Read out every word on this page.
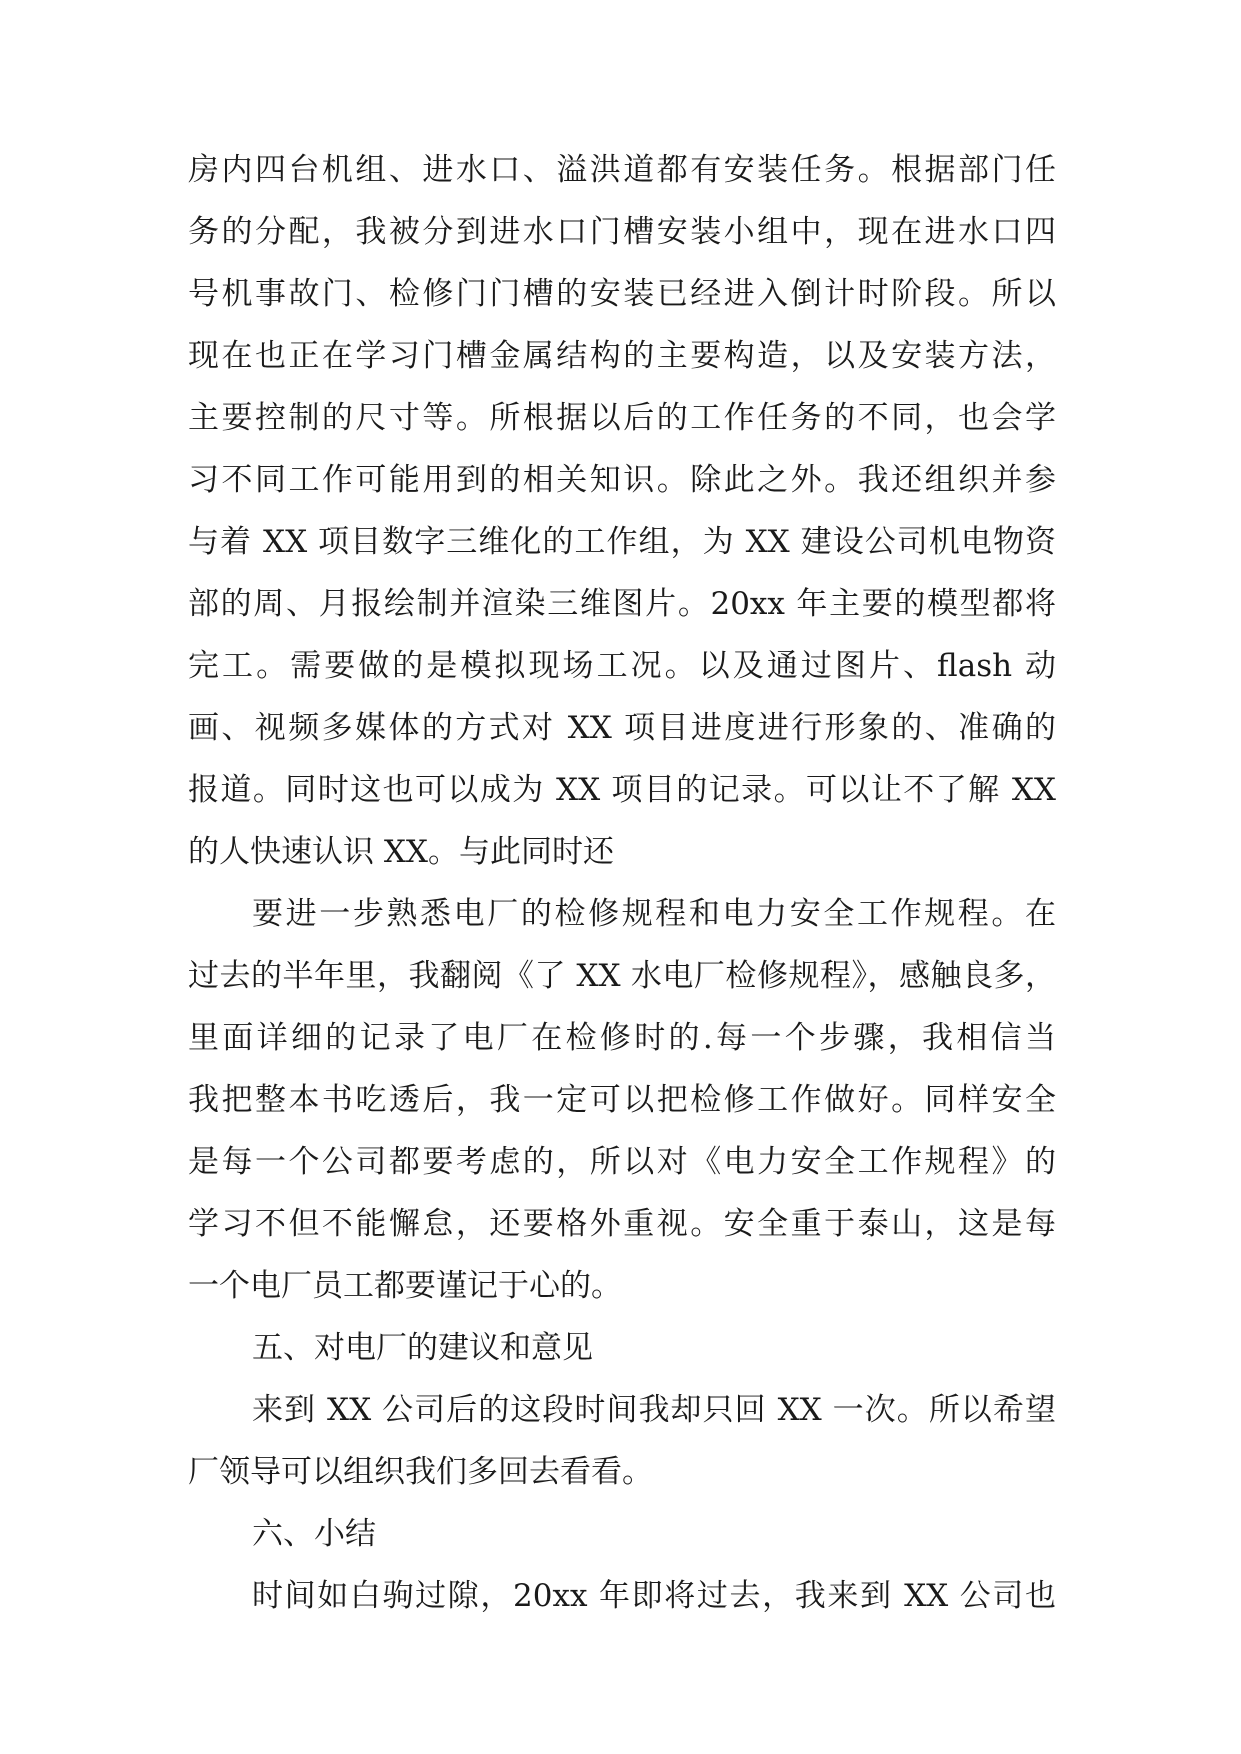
房内四台机组、进水口、溢洪道都有安装任务。根据部门任
务的分配，我被分到进水口门槽安装小组中，现在进水口四
号机事故门、检修门门槽的安装已经进入倒计时阶段。所以
现在也正在学习门槽金属结构的主要构造，以及安装方法，
主要控制的尺寸等。所根据以后的工作任务的不同，也会学
习不同工作可能用到的相关知识。除此之外。我还组织并参
与着 XX 项目数字三维化的工作组，为 XX 建设公司机电物资
部的周、月报绘制并渲染三维图片。20xx 年主要的模型都将
完工。需要做的是模拟现场工况。以及通过图片、flash 动
画、视频多媒体的方式对 XX 项目进度进行形象的、准确的
报道。同时这也可以成为 XX 项目的记录。可以让不了解 XX
的人快速认识 XX。与此同时还
要进一步熟悉电厂的检修规程和电力安全工作规程。在
过去的半年里，我翻阅《了 XX 水电厂检修规程》，感触良多，
里面详细的记录了电厂在检修时的.每一个步骤，我相信当
我把整本书吃透后，我一定可以把检修工作做好。同样安全
是每一个公司都要考虑的，所以对《电力安全工作规程》的
学习不但不能懈怠，还要格外重视。安全重于泰山，这是每
一个电厂员工都要谨记于心的。
五、对电厂的建议和意见
来到 XX 公司后的这段时间我却只回 XX 一次。所以希望
厂领导可以组织我们多回去看看。
六、小结
时间如白驹过隙，20xx 年即将过去，我来到 XX 公司也
